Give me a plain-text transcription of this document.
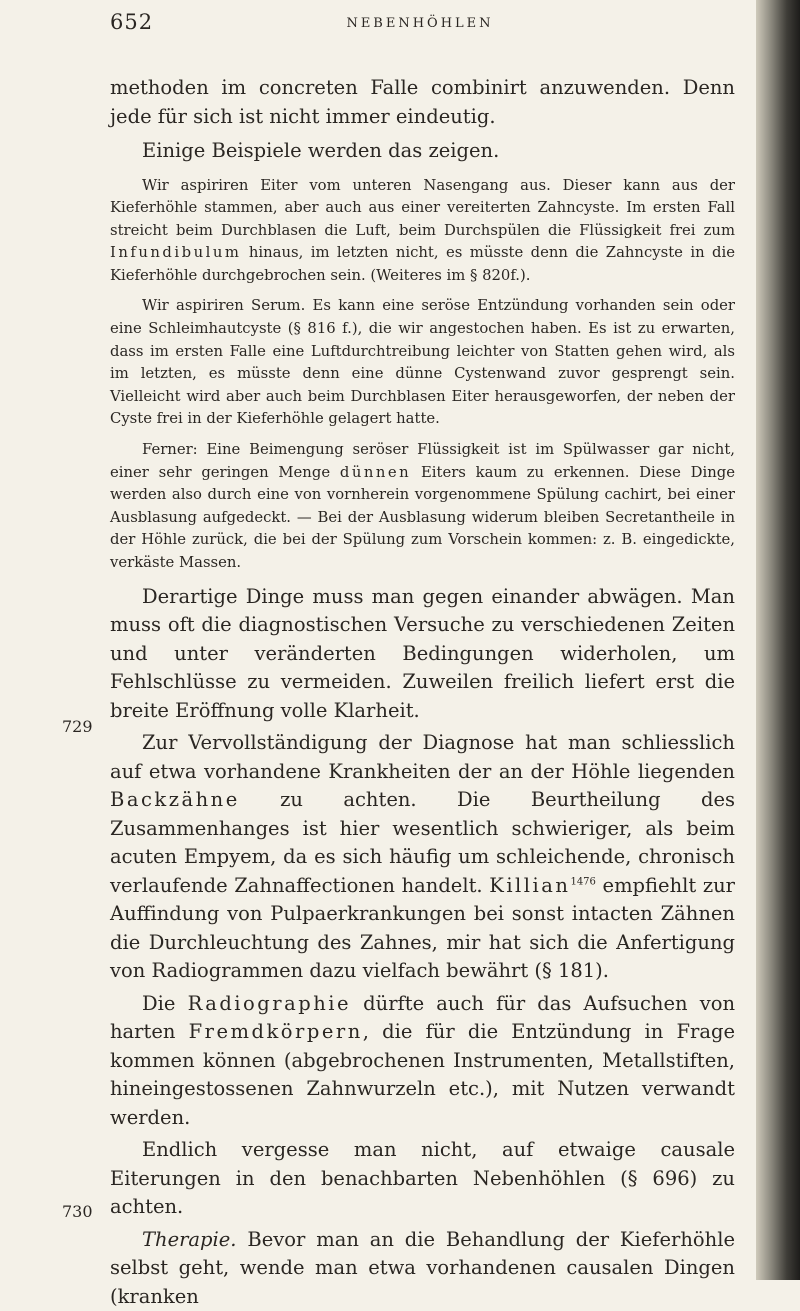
652	NEBENHÖHLEN
729
730

methoden im concreten Falle combinirt anzuwenden. Denn jede für sich ist nicht immer eindeutig.

Einige Beispiele werden das zeigen.

Wir aspiriren Eiter vom unteren Nasengang aus. Dieser kann aus der Kieferhöhle stammen, aber auch aus einer vereiterten Zahncyste. Im ersten Fall streicht beim Durchblasen die Luft, beim Durchspülen die Flüssigkeit frei zum Infundibulum hinaus, im letzten nicht, es müsste denn die Zahncyste in die Kieferhöhle durchgebrochen sein. (Weiteres im § 820f.).

Wir aspiriren Serum. Es kann eine seröse Entzündung vorhanden sein oder eine Schleimhautcyste (§ 816 f.), die wir angestochen haben. Es ist zu erwarten, dass im ersten Falle eine Luftdurchtreibung leichter von Statten gehen wird, als im letzten, es müsste denn eine dünne Cystenwand zuvor gesprengt sein. Vielleicht wird aber auch beim Durchblasen Eiter herausgeworfen, der neben der Cyste frei in der Kieferhöhle gelagert hatte.

Ferner: Eine Beimengung seröser Flüssigkeit ist im Spülwasser gar nicht, einer sehr geringen Menge dünnen Eiters kaum zu erkennen. Diese Dinge werden also durch eine von vornherein vorgenommene Spülung cachirt, bei einer Ausblasung aufgedeckt. — Bei der Ausblasung widerum bleiben Secretantheile in der Höhle zurück, die bei der Spülung zum Vorschein kommen: z. B. eingedickte, verkäste Massen.

Derartige Dinge muss man gegen einander abwägen. Man muss oft die diagnostischen Versuche zu verschiedenen Zeiten und unter veränderten Bedingungen widerholen, um Fehlschlüsse zu vermeiden. Zuweilen freilich liefert erst die breite Eröffnung volle Klarheit.

Zur Vervollständigung der Diagnose hat man schliesslich auf etwa vorhandene Krankheiten der an der Höhle liegenden Backzähne zu achten. Die Beurtheilung des Zusammenhanges ist hier wesentlich schwieriger, als beim acuten Empyem, da es sich häufig um schleichende, chronisch verlaufende Zahnaffectionen handelt. Killian$^{1476}$ empfiehlt zur Auffindung von Pulpaerkrankungen bei sonst intacten Zähnen die Durchleuchtung des Zahnes, mir hat sich die Anfertigung von Radiogrammen dazu vielfach bewährt (§ 181).

Die Radiographie dürfte auch für das Aufsuchen von harten Fremdkörpern, die für die Entzündung in Frage kommen können (abgebrochenen Instrumenten, Metallstiften, hineingestossenen Zahnwurzeln etc.), mit Nutzen verwandt werden.

Endlich vergesse man nicht, auf etwaige causale Eiterungen in den benachbarten Nebenhöhlen (§ 696) zu achten.

Therapie. Bevor man an die Behandlung der Kieferhöhle selbst geht, wende man etwa vorhandenen causalen Dingen (kranken
